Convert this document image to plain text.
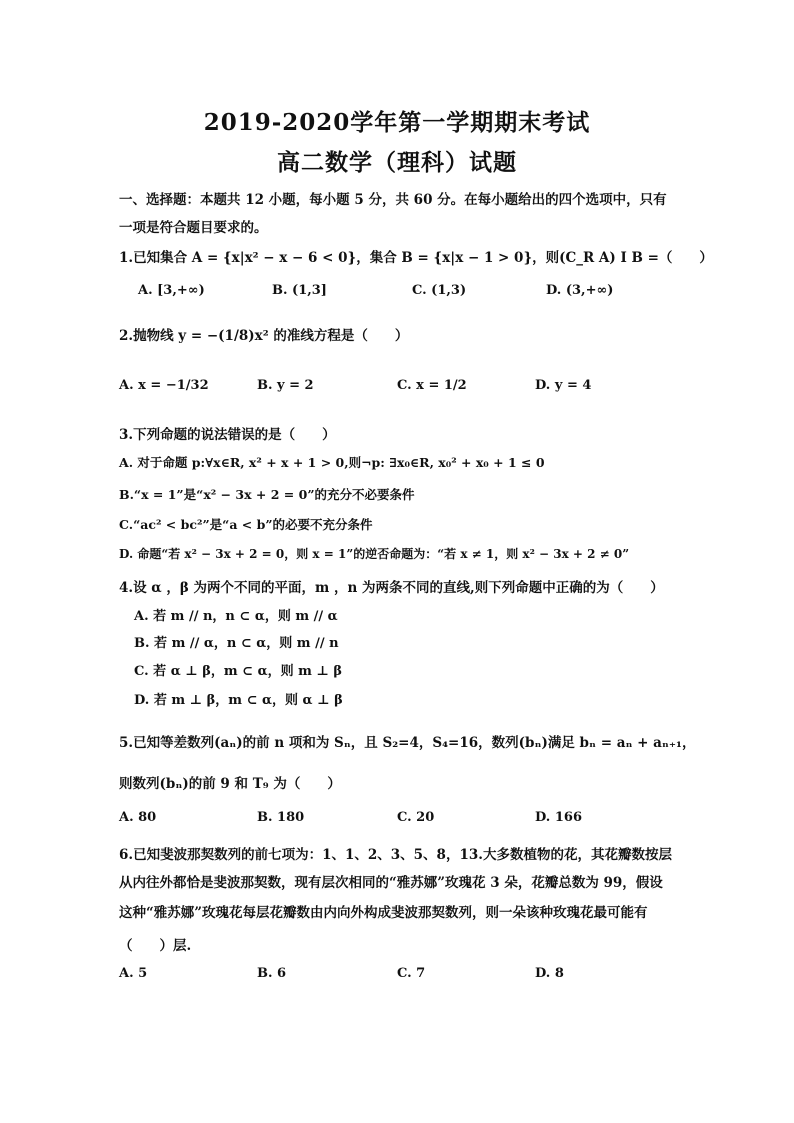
2019-2020学年第一学期期末考试
高二数学（理科）试题
一、选择题：本题共 12 小题，每小题 5 分，共 60 分。在每小题给出的四个选项中，只有
一项是符合题目要求的。
1.已知集合 A = {x|x² − x − 6 < 0}，集合 B = {x|x − 1 > 0}，则(C_R A) I B =（　　）
A. [3,+∞)	B. (1,3]	C. (1,3)	D. (3,+∞)
2.抛物线 y = −(1/8)x² 的准线方程是（　　）
A. x = −1/32	B. y = 2	C. x = 1/2	D. y = 4
3.下列命题的说法错误的是（　　）
A. 对于命题 p:∀x∈R, x² + x + 1 > 0,则¬p: ∃x₀∈R, x₀² + x₀ + 1 ≤ 0
B.“x = 1”是“x² − 3x + 2 = 0”的充分不必要条件
C.“ac² < bc²”是“a < b”的必要不充分条件
D. 命题“若 x² − 3x + 2 = 0，则 x = 1”的逆否命题为：“若 x ≠ 1，则 x² − 3x + 2 ≠ 0”
4.设 α ，β 为两个不同的平面，m ，n 为两条不同的直线,则下列命题中正确的为（　　）
A. 若 m // n，n ⊂ α，则 m // α
B. 若 m // α，n ⊂ α，则 m // n
C. 若 α ⊥ β，m ⊂ α，则 m ⊥ β
D. 若 m ⊥ β，m ⊂ α，则 α ⊥ β
5.已知等差数列(aₙ)的前 n 项和为 Sₙ，且 S₂=4，S₄=16，数列(bₙ)满足 bₙ = aₙ + aₙ₊₁，
则数列(bₙ)的前 9 和 T₉ 为（　　）
A. 80	B. 180	C. 20	D. 166
6.已知斐波那契数列的前七项为：1、1、2、3、5、8，13.大多数植物的花，其花瓣数按层
从内往外都恰是斐波那契数，现有层次相同的“雅苏娜”玫瑰花 3 朵，花瓣总数为 99，假设
这种“雅苏娜”玫瑰花每层花瓣数由内向外构成斐波那契数列，则一朵该种玫瑰花最可能有
（　　）层.
A. 5	B. 6	C. 7	D. 8
